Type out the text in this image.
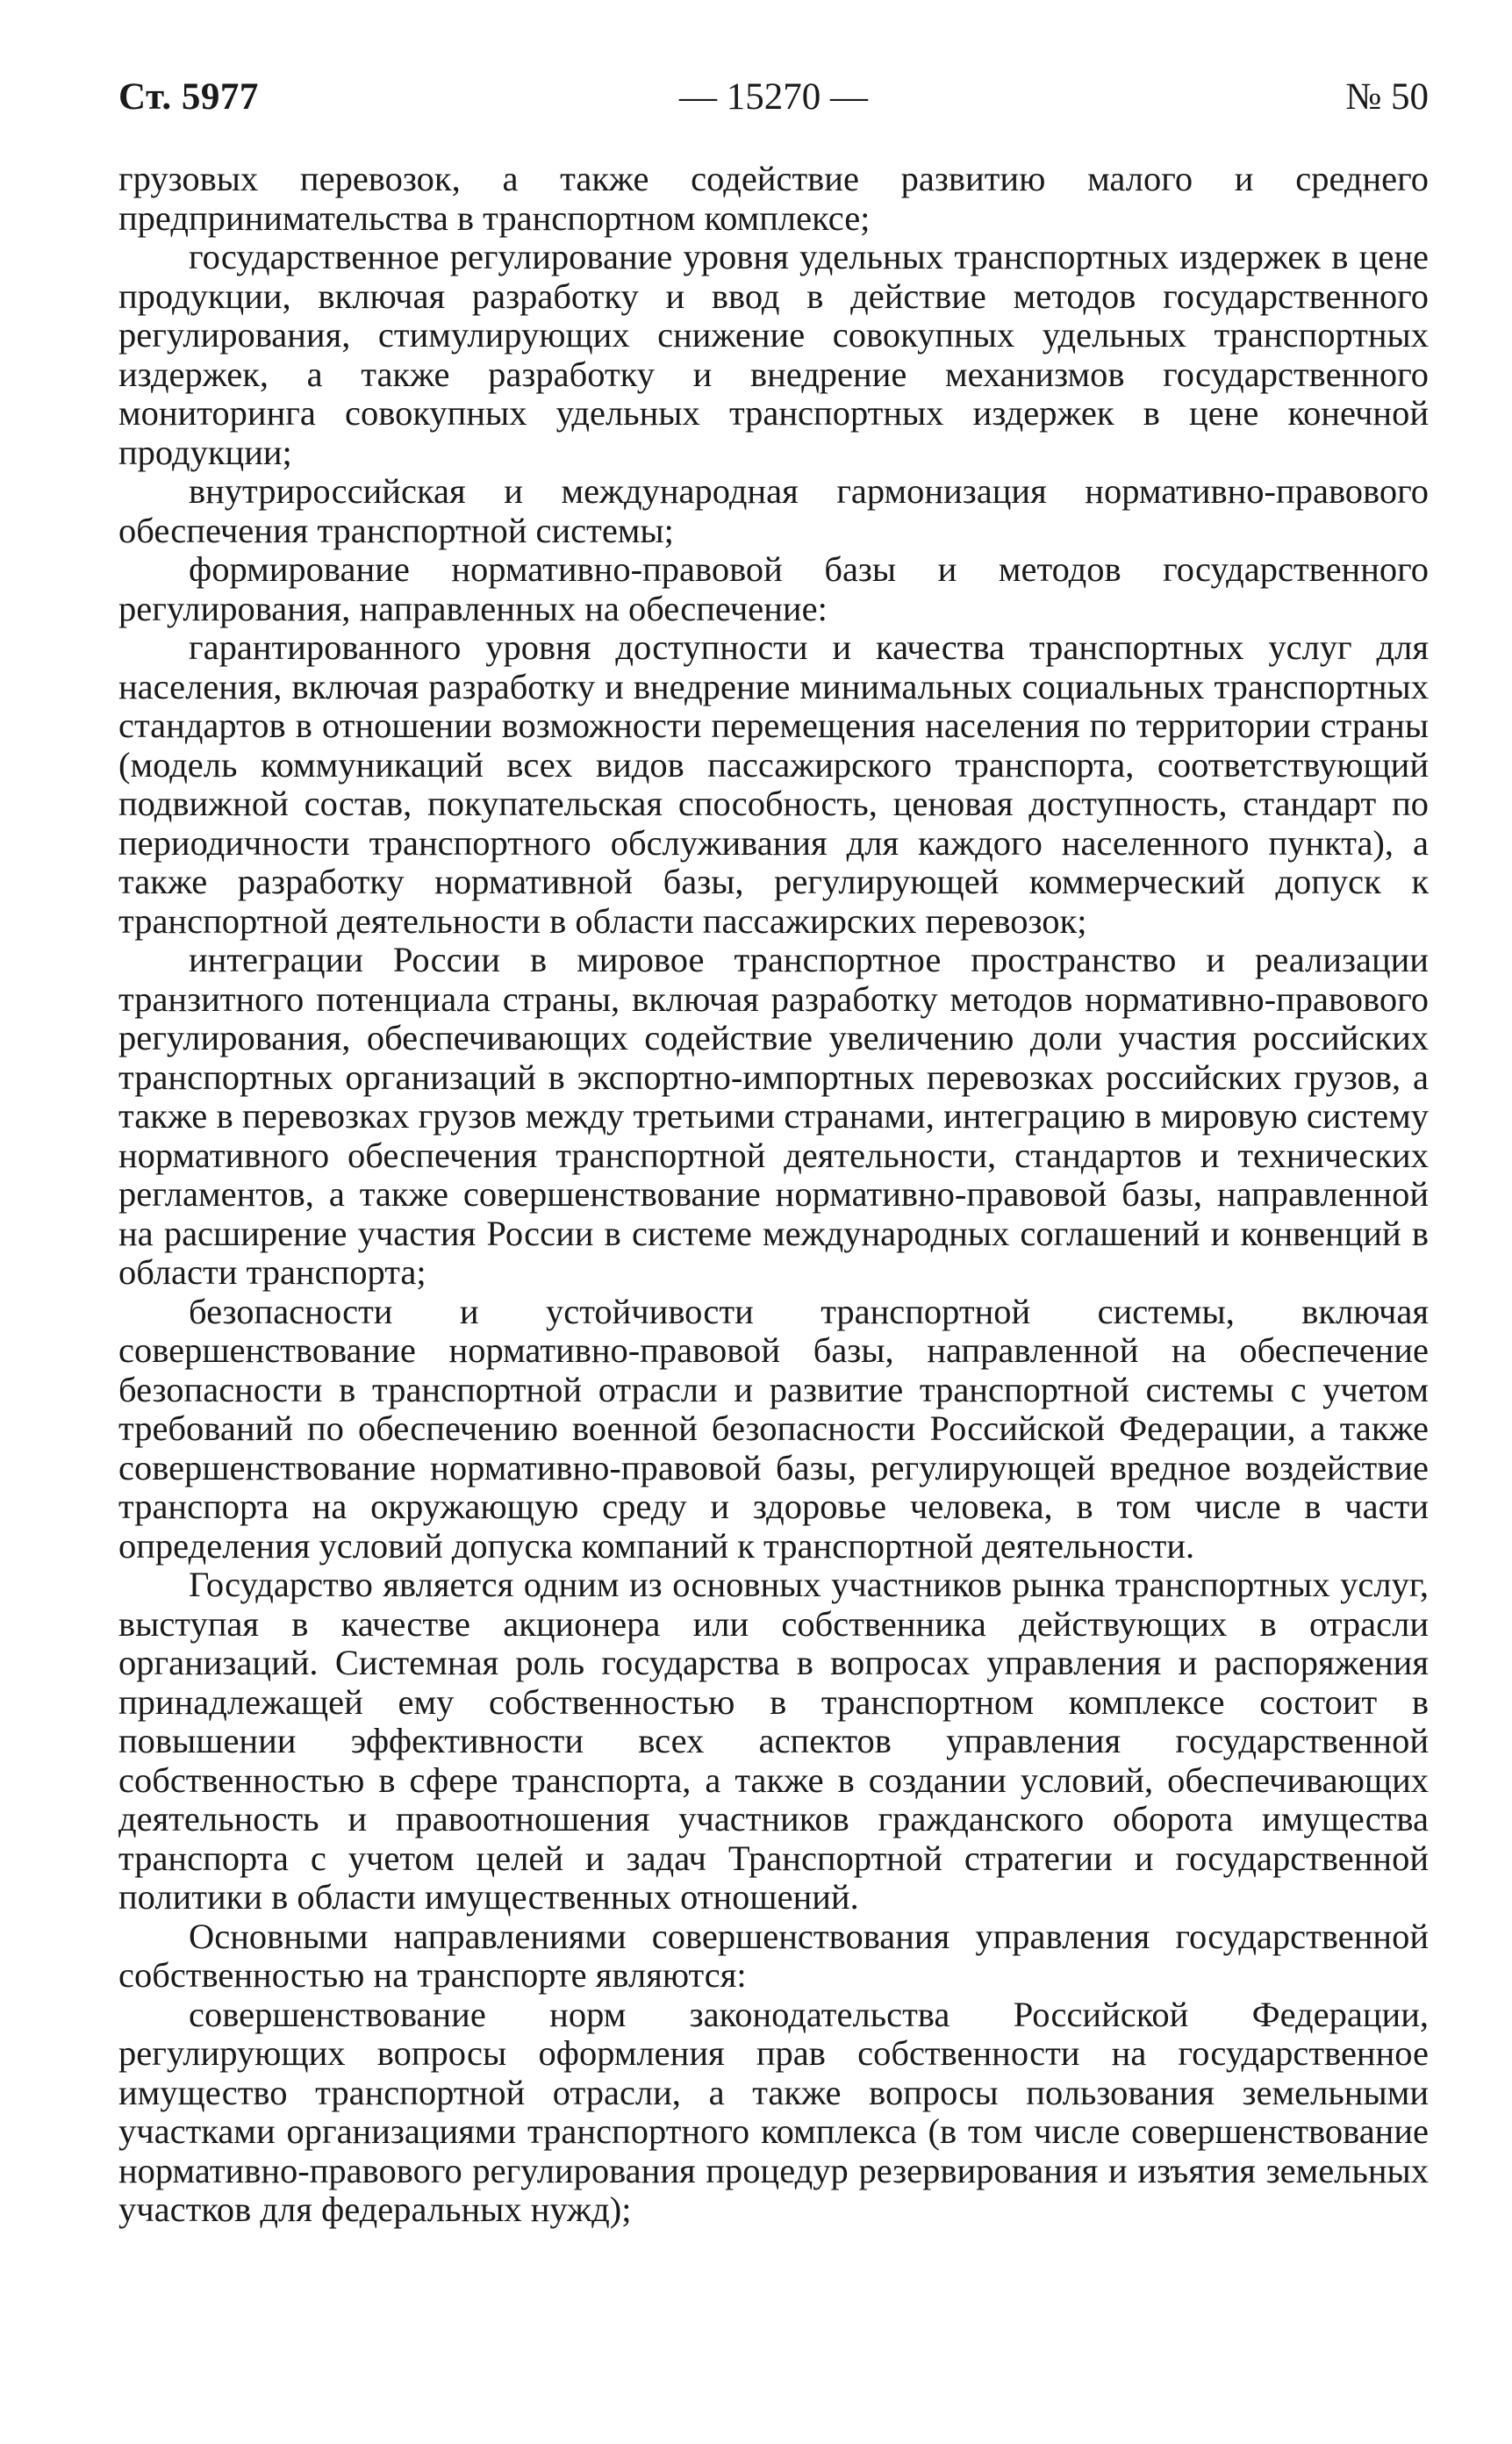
Ст. 5977	— 15270 —	№ 50

грузовых перевозок, а также содействие развитию малого и среднего предпринимательства в транспортном комплексе;

государственное регулирование уровня удельных транспортных издержек в цене продукции, включая разработку и ввод в действие методов государственного регулирования, стимулирующих снижение совокупных удельных транспортных издержек, а также разработку и внедрение механизмов государственного мониторинга совокупных удельных транспортных издержек в цене конечной продукции;

внутрироссийская и международная гармонизация нормативно-правового обеспечения транспортной системы;

формирование нормативно-правовой базы и методов государственного регулирования, направленных на обеспечение:

гарантированного уровня доступности и качества транспортных услуг для населения, включая разработку и внедрение минимальных социальных транспортных стандартов в отношении возможности перемещения населения по территории страны (модель коммуникаций всех видов пассажирского транспорта, соответствующий подвижной состав, покупательская способность, ценовая доступность, стандарт по периодичности транспортного обслуживания для каждого населенного пункта), а также разработку нормативной базы, регулирующей коммерческий допуск к транспортной деятельности в области пассажирских перевозок;

интеграции России в мировое транспортное пространство и реализации транзитного потенциала страны, включая разработку методов нормативно-правового регулирования, обеспечивающих содействие увеличению доли участия российских транспортных организаций в экспортно-импортных перевозках российских грузов, а также в перевозках грузов между третьими странами, интеграцию в мировую систему нормативного обеспечения транспортной деятельности, стандартов и технических регламентов, а также совершенствование нормативно-правовой базы, направленной на расширение участия России в системе международных соглашений и конвенций в области транспорта;

безопасности и устойчивости транспортной системы, включая совершенствование нормативно-правовой базы, направленной на обеспечение безопасности в транспортной отрасли и развитие транспортной системы с учетом требований по обеспечению военной безопасности Российской Федерации, а также совершенствование нормативно-правовой базы, регулирующей вредное воздействие транспорта на окружающую среду и здоровье человека, в том числе в части определения условий допуска компаний к транспортной деятельности.

Государство является одним из основных участников рынка транспортных услуг, выступая в качестве акционера или собственника действующих в отрасли организаций. Системная роль государства в вопросах управления и распоряжения принадлежащей ему собственностью в транспортном комплексе состоит в повышении эффективности всех аспектов управления государственной собственностью в сфере транспорта, а также в создании условий, обеспечивающих деятельность и правоотношения участников гражданского оборота имущества транспорта с учетом целей и задач Транспортной стратегии и государственной политики в области имущественных отношений.

Основными направлениями совершенствования управления государственной собственностью на транспорте являются:

совершенствование норм законодательства Российской Федерации, регулирующих вопросы оформления прав собственности на государственное имущество транспортной отрасли, а также вопросы пользования земельными участками организациями транспортного комплекса (в том числе совершенствование нормативно-правового регулирования процедур резервирования и изъятия земельных участков для федеральных нужд);
